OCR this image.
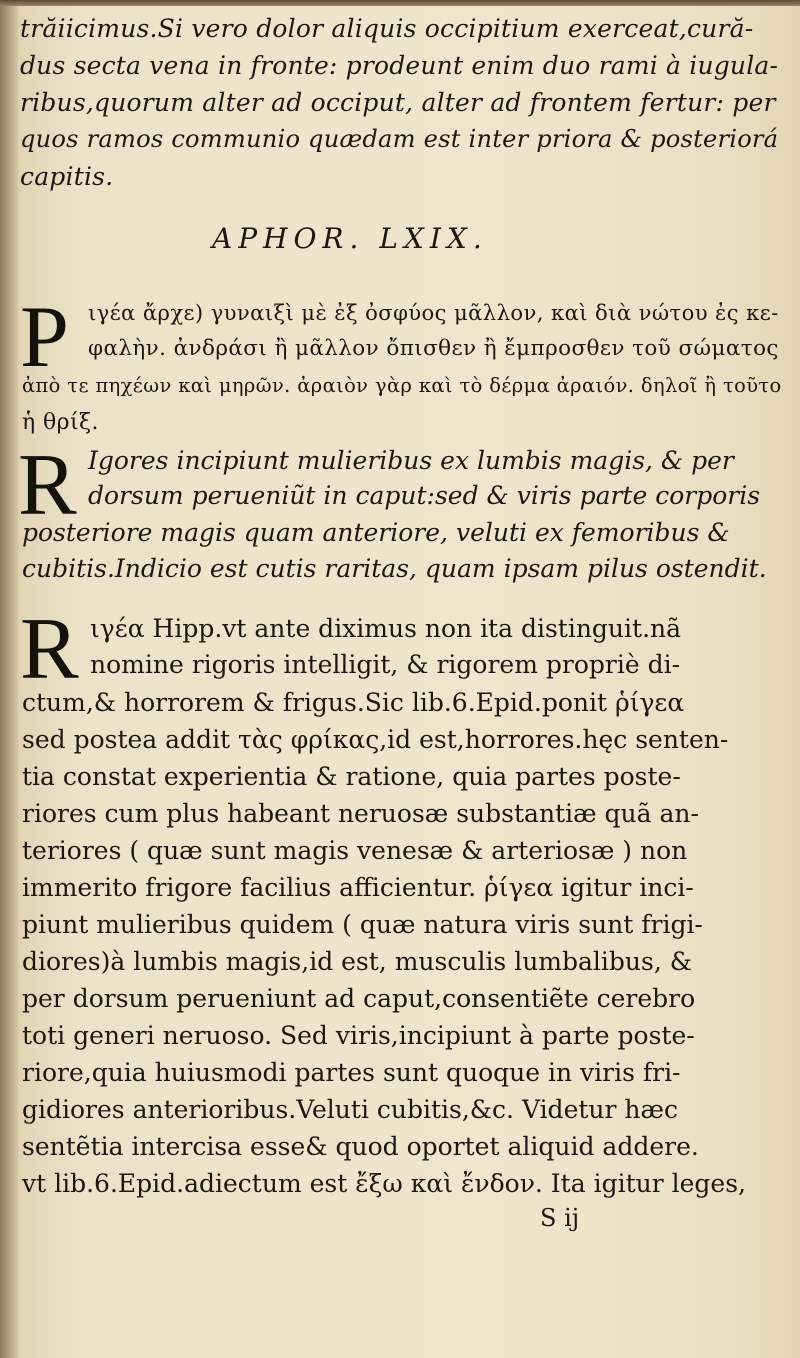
trăiicimus.Si vero dolor aliquis occipitium exerceat,cură-
dus secta vena in fronte: prodeunt enim duo rami à iugula-
ribus,quorum alter ad occiput, alter ad frontem fertur: per
quos ramos communio quædam est inter priora & posteriorá
capitis.
APHOR. LXIX.
P ιγέα ἄρχε) γυναιξὶ μὲ ἐξ ὀσφύος μᾶλλον, καὶ διὰ νώτου ἐς κε-
φαλὴν. ἀνδράσι ἢ μᾶλλον ὄπισθεν ἢ ἔμπροσθεν τοῦ σώματος
ἀπὸ τε πηχέων καὶ μηρῶν. ἀραιὸν γὰρ καὶ τὸ δέρμα ἀραιόν. δηλοῖ ἢ τοῦτο
ἡ θρίξ.
R Igores incipiunt mulieribus ex lumbis magis, & per
dorsum perueniũt in caput:sed & viris parte corporis
posteriore magis quam anteriore, veluti ex femoribus &
cubitis.Indicio est cutis raritas, quam ipsam pilus ostendit.
R ιγέα Hipp.vt ante diximus non ita distinguit.nã
nomine rigoris intelligit, & rigorem propriè di-
ctum,& horrorem & frigus.Sic lib.6.Epid.ponit ῥίγεα
sed postea addit τὰς φρίκας,id est,horrores.hęc senten-
tia constat experientia & ratione, quia partes poste-
riores cum plus habeant neruosæ substantiæ quã an-
teriores ( quæ sunt magis venesæ & arteriosæ ) non
immerito frigore facilius afficientur. ῥίγεα igitur inci-
piunt mulieribus quidem ( quæ natura viris sunt frigi-
diores)à lumbis magis,id est, musculis lumbalibus, &
per dorsum perueniunt ad caput,consentiẽte cerebro
toti generi neruoso. Sed viris,incipiunt à parte poste-
riore,quia huiusmodi partes sunt quoque in viris fri-
gidiores anterioribus.Veluti cubitis,&c. Videtur hæc
sentẽtia intercisa esse& quod oportet aliquid addere.
vt lib.6.Epid.adiectum est ἔξω καὶ ἔνδον. Ita igitur leges,
S ij
